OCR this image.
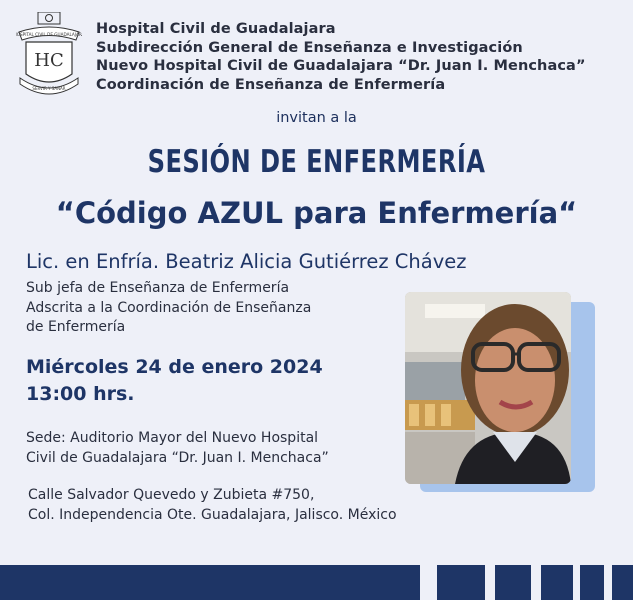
HOSPITAL CIVIL DE GUADALAJARA
HC
SERVIR Y SANAR
Hospital Civil de Guadalajara
Subdirección General de Enseñanza e Investigación
Nuevo Hospital Civil de Guadalajara “Dr. Juan I. Menchaca”
Coordinación de Enseñanza de Enfermería
invitan a la
SESIÓN DE ENFERMERÍA
“Código AZUL para Enfermería“
Lic. en Enfría. Beatriz Alicia Gutiérrez Chávez
Sub jefa de Enseñanza de Enfermería
Adscrita a la Coordinación de Enseñanza
de Enfermería
Miércoles 24 de enero 2024
13:00 hrs.
Sede: Auditorio Mayor del Nuevo Hospital
Civil de Guadalajara “Dr. Juan I. Menchaca”
Calle Salvador Quevedo y Zubieta #750,
Col. Independencia Ote. Guadalajara, Jalisco. México
